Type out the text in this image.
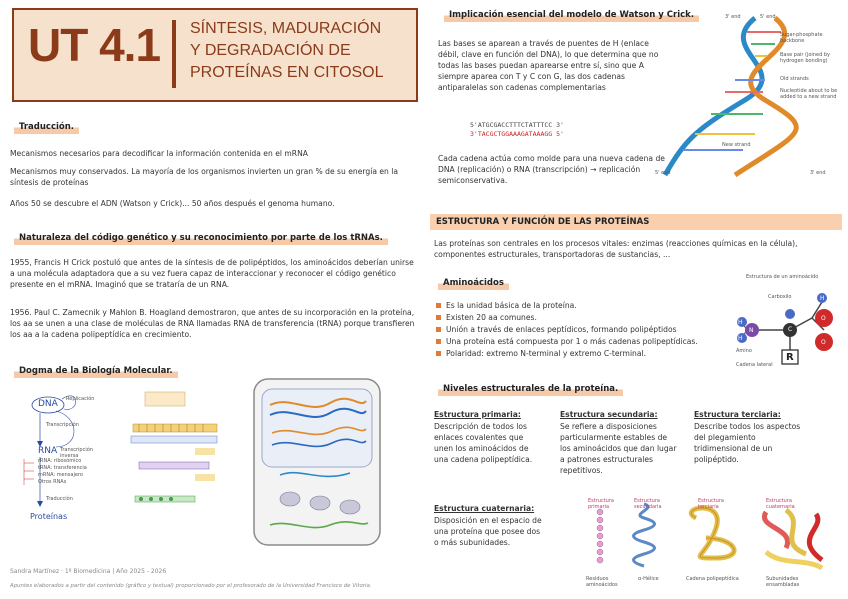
UT 4.1 SÍNTESIS, MADURACIÓN
Y DEGRADACIÓN DE
PROTEÍNAS EN CITOSOL
Traducción.
Mecanismos necesarios para decodificar la información contenida en el mRNA
Mecanismos muy conservados. La mayoría de los organismos invierten un gran % de su energía en la síntesis de proteínas
Años 50 se descubre el ADN (Watson y Crick)... 50 años después el genoma humano.
Naturaleza del código genético y su reconocimiento por parte de los tRNAs.
1955, Francis H Crick postuló que antes de la síntesis de de polipéptidos, los aminoácidos deberían unirse a una molécula adaptadora que a su vez fuera capaz de interaccionar y reconocer el código genético presente en el mRNA. Imaginó que se trataría de un RNA.
1956. Paul C. Zamecnik y Mahlon B. Hoagland demostraron, que antes de su incorporación en la proteína, los aa se unen a una clase de moléculas de RNA llamadas RNA de transferencia (tRNA) porque transfieren los aa a la cadena polipeptídica en crecimiento.
Dogma de la Biología Molecular.
DNA Replicación
Transcripción
RNA Transcripción inversa
rRNA: ribosómico
tRNA: transferencia
mRNA: mensajero
Otros RNAs
Traducción
Proteínas
Implicación esencial del modelo de Watson y Crick.
Las bases se aparean a través de puentes de H (enlace débil, clave en función del DNA), lo que determina que no todas las bases puedan aparearse entre sí, sino que A siempre aparea con T y C con G, las dos cadenas antiparalelas son cadenas complementarias
5'ATGCGACCTTTCTATTTCC 3'
3'TACGCTGGAAAGATAAAGG 5'
Cada cadena actúa como molde para una nueva cadena de DNA (replicación) o RNA (transcripción) → replicación semiconservativa.
3' end	5' end
Sugar-phosphate backbone
Base pair (joined by hydrogen bonding)
Old strands
Nucleotide about to be added to a new strand
New strand
5' end	3' end
ESTRUCTURA Y FUNCIÓN DE LAS PROTEÍNAS
Las proteínas son centrales en los procesos vitales: enzimas (reacciones químicas en la célula), componentes estructurales, transportadoras de sustancias, ...
Aminoácidos
Es la unidad básica de la proteína.
Existen 20 aa comunes.
Unión a través de enlaces peptídicos, formando polipéptidos
Una proteína está compuesta por 1 o más cadenas polipeptídicas.
Polaridad: extremo N-terminal y extremo C-terminal.
Estructura de un aminoácido
H
N
H
C
H
O
O
R
Carboxilo
Amino
Cadena lateral
Niveles estructurales de la proteína.
Estructura primaria:
Descripción de todos los enlaces covalentes que unen los aminoácidos de una cadena polipeptídica.
Estructura secundaria:
Se refiere a disposiciones particularmente estables de los aminoácidos que dan lugar a patrones estructurales repetitivos.
Estructura terciaria:
Describe todos los aspectos del plegamiento tridimensional de un polipéptido.
Estructura cuaternaria:
Disposición en el espacio de una proteína que posee dos o más subunidades.
Estructura primaria
Estructura secundaria
Estructura terciaria
Estructura cuaternaria
Residuos aminoácidos
α-Hélice	Cadena polipeptídica	Subunidades ensambladas
Sandra Martínez · 1º Biomedicina | Año 2025 - 2026
Apuntes elaborados a partir del contenido (gráfico y textual) proporcionado por el profesorado de la Universidad Francisco de Vitoria.
